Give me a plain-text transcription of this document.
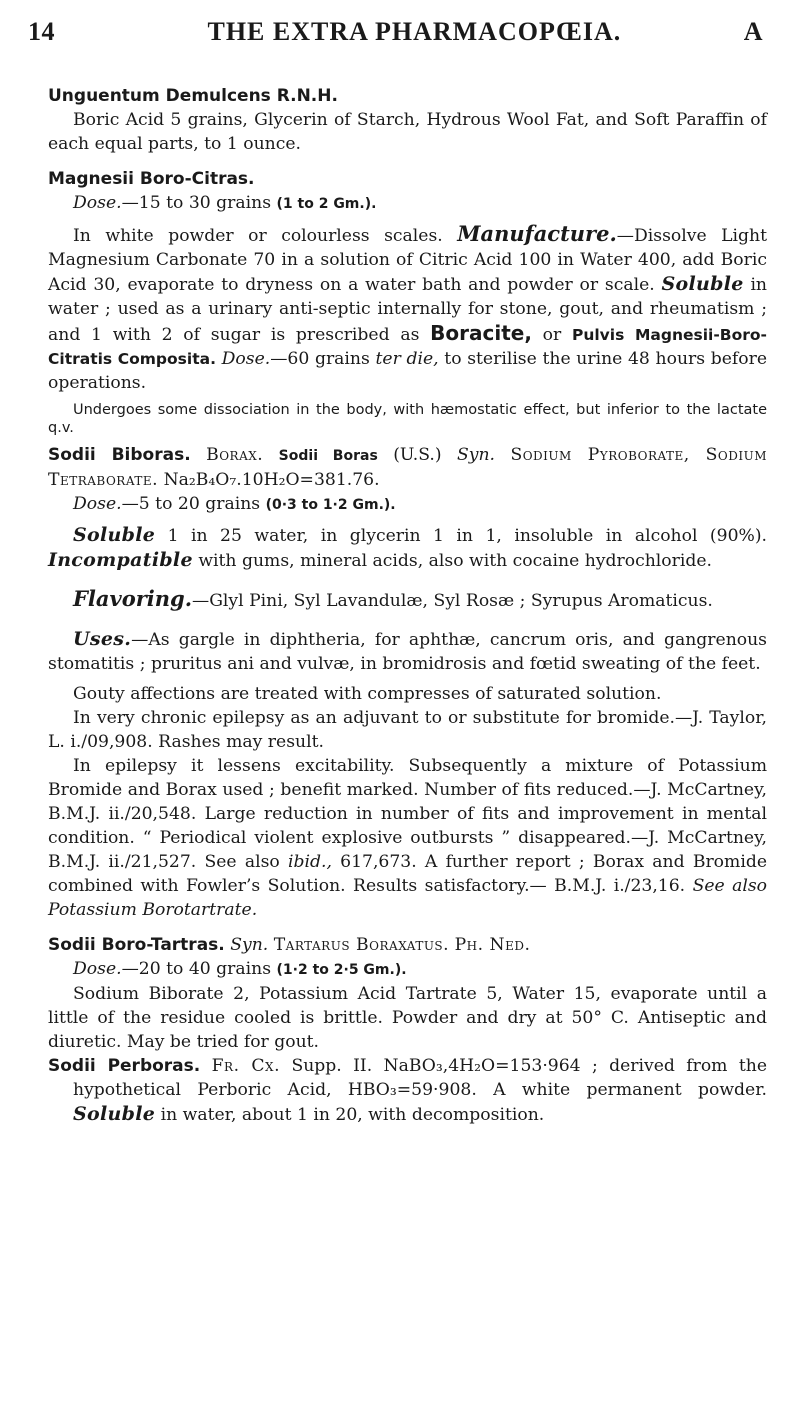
14	THE EXTRA PHARMACOPŒIA.	A
Unguentum Demulcens R.N.H.

Boric Acid 5 grains, Glycerin of Starch, Hydrous Wool Fat, and Soft Paraffin of each equal parts, to 1 ounce.

Magnesii Boro-Citras.

Dose.—15 to 30 grains (1 to 2 Gm.).

In white powder or colourless scales. Manufacture.—Dissolve Light Magnesium Carbonate 70 in a solution of Citric Acid 100 in Water 400, add Boric Acid 30, evaporate to dryness on a water bath and powder or scale. Soluble in water ; used as a urinary anti-septic internally for stone, gout, and rheumatism ; and 1 with 2 of sugar is prescribed as Boracite, or Pulvis Magnesii-Boro-Citratis Composita. Dose.—60 grains ter die, to sterilise the urine 48 hours before operations.

Undergoes some dissociation in the body, with hæmostatic effect, but inferior to the lactate q.v.

Sodii Biboras. Borax. Sodii Boras (U.S.) Syn. Sodium Pyroborate, Sodium Tetraborate. Na₂B₄O₇.10H₂O=381.76.

Dose.—5 to 20 grains (0·3 to 1·2 Gm.).

Soluble 1 in 25 water, in glycerin 1 in 1, insoluble in alcohol (90%). Incompatible with gums, mineral acids, also with cocaine hydrochloride.

Flavoring.—Glyl Pini, Syl Lavandulæ, Syl Rosæ ; Syrupus Aromaticus.

Uses.—As gargle in diphtheria, for aphthæ, cancrum oris, and gangrenous stomatitis ; pruritus ani and vulvæ, in bromidrosis and fœtid sweating of the feet.

Gouty affections are treated with compresses of saturated solution.

In very chronic epilepsy as an adjuvant to or substitute for bromide.—J. Taylor, L. i./09,908. Rashes may result.

In epilepsy it lessens excitability. Subsequently a mixture of Potassium Bromide and Borax used ; benefit marked. Number of fits reduced.—J. McCartney, B.M.J. ii./20,548. Large reduction in number of fits and improvement in mental condition. “ Periodical violent explosive outbursts ” disappeared.—J. McCartney, B.M.J. ii./21,527. See also ibid., 617,673. A further report ; Borax and Bromide combined with Fowler’s Solution. Results satisfactory.— B.M.J. i./23,16. See also Potassium Borotartrate.

Sodii Boro-Tartras. Syn. Tartarus Boraxatus. Ph. Ned.

Dose.—20 to 40 grains (1·2 to 2·5 Gm.).

Sodium Biborate 2, Potassium Acid Tartrate 5, Water 15, evaporate until a little of the residue cooled is brittle. Powder and dry at 50° C. Antiseptic and diuretic. May be tried for gout.

Sodii Perboras. Fr. Cx. Supp. II. NaBO₃,4H₂O=153·964 ; derived from the hypothetical Perboric Acid, HBO₃=59·908. A white permanent powder. Soluble in water, about 1 in 20, with decomposition.
